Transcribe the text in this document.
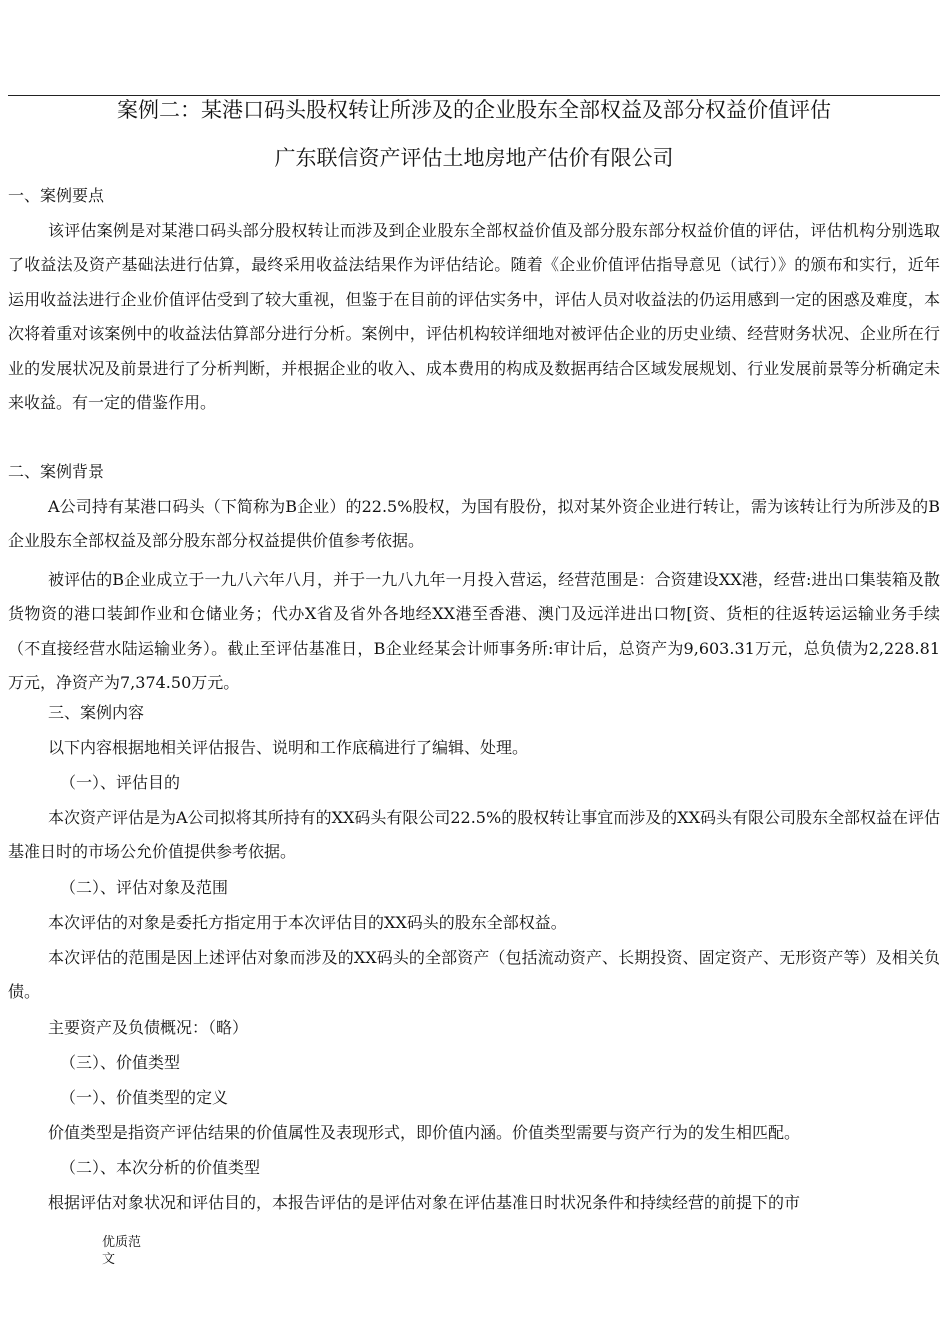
案例二：某港口码头股权转让所涉及的企业股东全部权益及部分权益价值评估
广东联信资产评估土地房地产估价有限公司
一、案例要点

该评估案例是对某港口码头部分股权转让而涉及到企业股东全部权益价值及部分股东部分权益价值的评估，评估机构分别选取了收益法及资产基础法进行估算，最终采用收益法结果作为评估结论。随着《企业价值评估指导意见（试行）》的颁布和实行，近年运用收益法进行企业价值评估受到了较大重视，但鉴于在目前的评估实务中，评估人员对收益法的仍运用感到一定的困惑及难度，本次将着重对该案例中的收益法估算部分进行分析。案例中，评估机构较详细地对被评估企业的历史业绩、经营财务状况、企业所在行业的发展状况及前景进行了分析判断，并根据企业的收入、成本费用的构成及数据再结合区域发展规划、行业发展前景等分析确定未来收益。有一定的借鉴作用。

二、案例背景

A公司持有某港口码头（下简称为B企业）的22.5%股权，为国有股份，拟对某外资企业进行转让，需为该转让行为所涉及的B企业股东全部权益及部分股东部分权益提供价值参考依据。

被评估的B企业成立于一九八六年八月，并于一九八九年一月投入营运，经营范围是：合资建设XX港，经营:进出口集装箱及散货物资的港口装卸作业和仓储业务；代办X省及省外各地经XX港至香港、澳门及远洋进出口物[资、货柜的往返转运运输业务手续（不直接经营水陆运输业务）。截止至评估基准日，B企业经某会计师事务所:审计后，总资产为9,603.31万元，总负债为2,228.81万元，净资产为7,374.50万元。

三、案例内容
以下内容根据地相关评估报告、说明和工作底稿进行了编辑、处理。
（一）、评估目的

本次资产评估是为A公司拟将其所持有的XX码头有限公司22.5%的股权转让事宜而涉及的XX码头有限公司股东全部权益在评估基准日时的市场公允价值提供参考依据。

（二）、评估对象及范围
本次评估的对象是委托方指定用于本次评估目的XX码头的股东全部权益。

本次评估的范围是因上述评估对象而涉及的XX码头的全部资产（包括流动资产、长期投资、固定资产、无形资产等）及相关负债。

主要资产及负债概况：（略）
（三）、价值类型
（一）、价值类型的定义
价值类型是指资产评估结果的价值属性及表现形式，即价值内涵。价值类型需要与资产行为的发生相匹配。
（二）、本次分析的价值类型

根据评估对象状况和评估目的，本报告评估的是评估对象在评估基准日时状况条件和持续经营的前提下的市

优质范文
